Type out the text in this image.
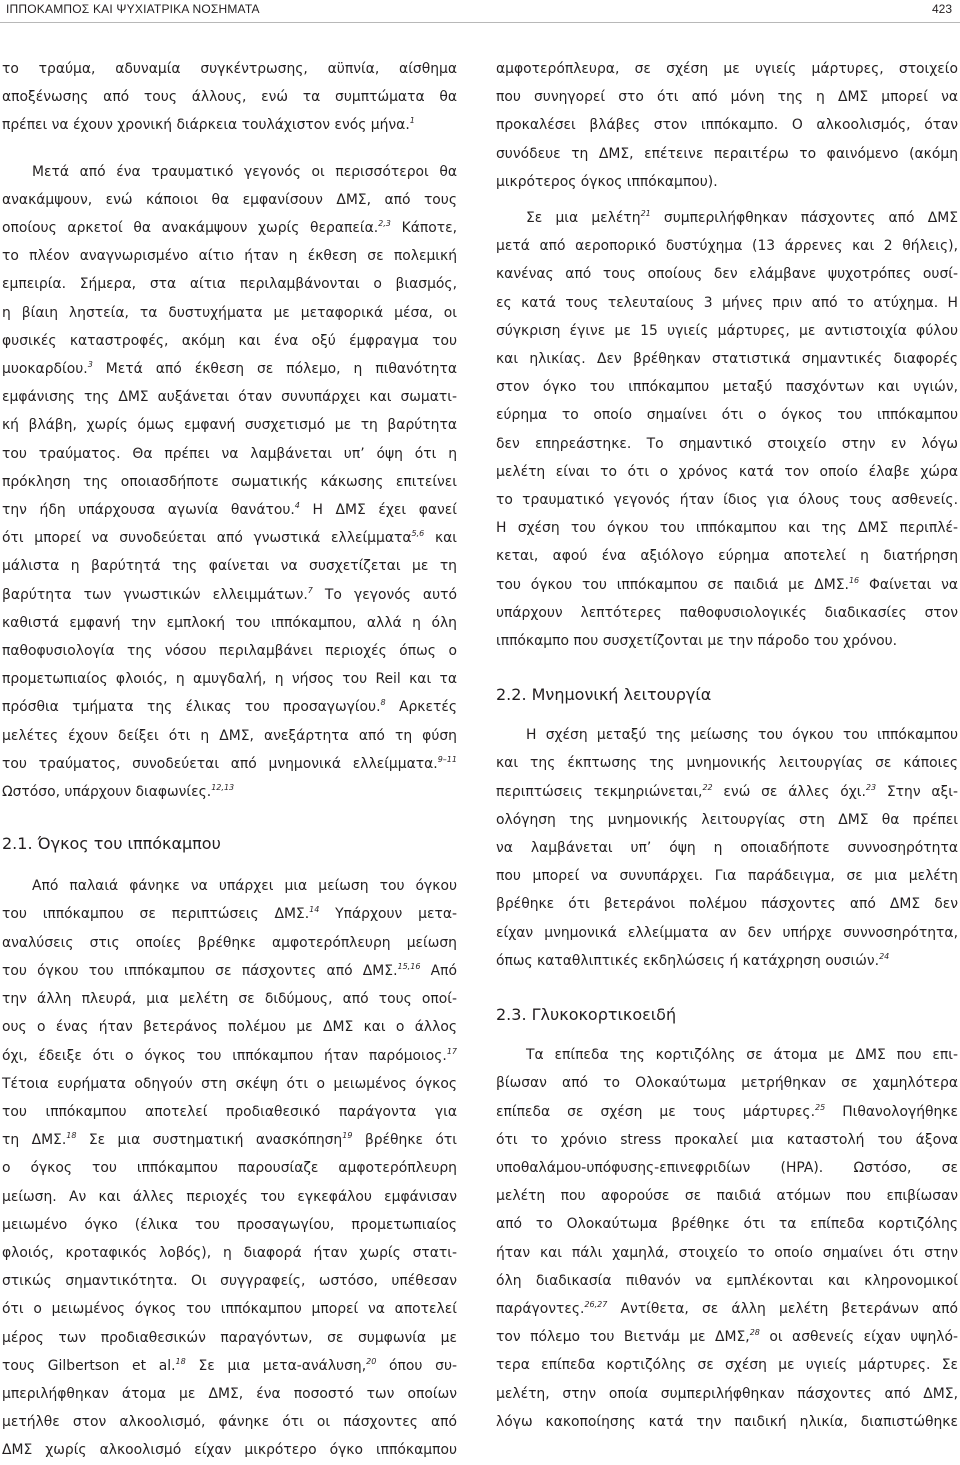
ΙΠΠΟΚΑΜΠΟΣ ΚΑΙ ΨΥΧΙΑΤΡΙΚΑ ΝΟΣΗΜΑΤΑ	423

το τραύμα, αδυναμία συγκέντρωσης, αϋπνία, αίσθημα
αποξένωσης από τους άλλους, ενώ τα συμπτώματα θα
πρέπει να έχουν χρονική διάρκεια τουλάχιστον ενός μήνα.$^1$

Μετά από ένα τραυματικό γεγονός οι περισσότεροι θα
ανακάμψουν, ενώ κάποιοι θα εμφανίσουν ΔΜΣ, από τους
οποίους αρκετοί θα ανακάμψουν χωρίς θεραπεία.$^{2,3}$ Κάποτε,
το πλέον αναγνωρισμένο αίτιο ήταν η έκθεση σε πολεμική
εμπειρία. Σήμερα, στα αίτια περιλαμβάνονται ο βιασμός,
η βίαιη ληστεία, τα δυστυχήματα με μεταφορικά μέσα, οι
φυσικές καταστροφές, ακόμη και ένα οξύ έμφραγμα του
μυοκαρδίου.$^3$ Μετά από έκθεση σε πόλεμο, η πιθανότητα
εμφάνισης της ΔΜΣ αυξάνεται όταν συνυπάρχει και σωματι-
κή βλάβη, χωρίς όμως εμφανή συσχετισμό με τη βαρύτητα
του τραύματος. Θα πρέπει να λαμβάνεται υπ’ όψη ότι η
πρόκληση της οποιασδήποτε σωματικής κάκωσης επιτείνει
την ήδη υπάρχουσα αγωνία θανάτου.$^4$ Η ΔΜΣ έχει φανεί
ότι μπορεί να συνοδεύεται από γνωστικά ελλείμματα$^{5,6}$ και
μάλιστα η βαρύτητά της φαίνεται να συσχετίζεται με τη
βαρύτητα των γνωστικών ελλειμμάτων.$^7$ Το γεγονός αυτό
καθιστά εμφανή την εμπλοκή του ιππόκαμπου, αλλά η όλη
παθοφυσιολογία της νόσου περιλαμβάνει περιοχές όπως ο
προμετωπιαίος φλοιός, η αμυγδαλή, η νήσος του Reil και τα
πρόσθια τμήματα της έλικας του προσαγωγίου.$^8$ Αρκετές
μελέτες έχουν δείξει ότι η ΔΜΣ, ανεξάρτητα από τη φύση
του τραύματος, συνοδεύεται από μνημονικά ελλείμματα.$^{9-11}$
Ωστόσο, υπάρχουν διαφωνίες.$^{12,13}$

2.1. Όγκος του ιππόκαμπου

Από παλαιά φάνηκε να υπάρχει μια μείωση του όγκου
του ιππόκαμπου σε περιπτώσεις ΔΜΣ.$^{14}$ Υπάρχουν μετα-
αναλύσεις στις οποίες βρέθηκε αμφοτερόπλευρη μείωση
του όγκου του ιππόκαμπου σε πάσχοντες από ΔΜΣ.$^{15,16}$ Από
την άλλη πλευρά, μια μελέτη σε διδύμους, από τους οποί-
ους ο ένας ήταν βετεράνος πολέμου με ΔΜΣ και ο άλλος
όχι, έδειξε ότι ο όγκος του ιππόκαμπου ήταν παρόμοιος.$^{17}$
Τέτοια ευρήματα οδηγούν στη σκέψη ότι ο μειωμένος όγκος
του ιππόκαμπου αποτελεί προδιαθεσικό παράγοντα για
τη ΔΜΣ.$^{18}$ Σε μια συστηματική ανασκόπηση$^{19}$ βρέθηκε ότι
ο όγκος του ιππόκαμπου παρουσίαζε αμφοτερόπλευρη
μείωση. Αν και άλλες περιοχές του εγκεφάλου εμφάνισαν
μειωμένο όγκο (έλικα του προσαγωγίου, προμετωπιαίος
φλοιός, κροταφικός λοβός), η διαφορά ήταν χωρίς στατι-
στικώς σημαντικότητα. Οι συγγραφείς, ωστόσο, υπέθεσαν
ότι ο μειωμένος όγκος του ιππόκαμπου μπορεί να αποτελεί
μέρος των προδιαθεσικών παραγόντων, σε συμφωνία με
τους Gilbertson et al.$^{18}$ Σε μια μετα-ανάλυση,$^{20}$ όπου συ-
μπεριλήφθηκαν άτομα με ΔΜΣ, ένα ποσοστό των οποίων
μετήλθε στον αλκοολισμό, φάνηκε ότι οι πάσχοντες από
ΔΜΣ χωρίς αλκοολισμό είχαν μικρότερο όγκο ιππόκαμπου

αμφοτερόπλευρα, σε σχέση με υγιείς μάρτυρες, στοιχείο
που συνηγορεί στο ότι από μόνη της η ΔΜΣ μπορεί να
προκαλέσει βλάβες στον ιππόκαμπο. Ο αλκοολισμός, όταν
συνόδευε τη ΔΜΣ, επέτεινε περαιτέρω το φαινόμενο (ακόμη
μικρότερος όγκος ιππόκαμπου).

Σε μια μελέτη$^{21}$ συμπεριλήφθηκαν πάσχοντες από ΔΜΣ
μετά από αεροπορικό δυστύχημα (13 άρρενες και 2 θήλεις),
κανένας από τους οποίους δεν ελάμβανε ψυχοτρόπες ουσί-
ες κατά τους τελευταίους 3 μήνες πριν από το ατύχημα. Η
σύγκριση έγινε με 15 υγιείς μάρτυρες, με αντιστοιχία φύλου
και ηλικίας. Δεν βρέθηκαν στατιστικά σημαντικές διαφορές
στον όγκο του ιππόκαμπου μεταξύ πασχόντων και υγιών,
εύρημα το οποίο σημαίνει ότι ο όγκος του ιππόκαμπου
δεν επηρεάστηκε. Το σημαντικό στοιχείο στην εν λόγω
μελέτη είναι το ότι ο χρόνος κατά τον οποίο έλαβε χώρα
το τραυματικό γεγονός ήταν ίδιος για όλους τους ασθενείς.
Η σχέση του όγκου του ιππόκαμπου και της ΔΜΣ περιπλέ-
κεται, αφού ένα αξιόλογο εύρημα αποτελεί η διατήρηση
του όγκου του ιππόκαμπου σε παιδιά με ΔΜΣ.$^{16}$ Φαίνεται να
υπάρχουν λεπτότερες παθοφυσιολογικές διαδικασίες στον
ιππόκαμπο που συσχετίζονται με την πάροδο του χρόνου.

2.2. Μνημονική λειτουργία

Η σχέση μεταξύ της μείωσης του όγκου του ιππόκαμπου
και της έκπτωσης της μνημονικής λειτουργίας σε κάποιες
περιπτώσεις τεκμηριώνεται,$^{22}$ ενώ σε άλλες όχι.$^{23}$ Στην αξι-
ολόγηση της μνημονικής λειτουργίας στη ΔΜΣ θα πρέπει
να λαμβάνεται υπ’ όψη η οποιαδήποτε συννοσηρότητα
που μπορεί να συνυπάρχει. Για παράδειγμα, σε μια μελέτη
βρέθηκε ότι βετεράνοι πολέμου πάσχοντες από ΔΜΣ δεν
είχαν μνημονικά ελλείμματα αν δεν υπήρχε συννοσηρότητα,
όπως καταθλιπτικές εκδηλώσεις ή κατάχρηση ουσιών.$^{24}$

2.3. Γλυκοκορτικοειδή

Τα επίπεδα της κορτιζόλης σε άτομα με ΔΜΣ που επι-
βίωσαν από το Ολοκαύτωμα μετρήθηκαν σε χαμηλότερα
επίπεδα σε σχέση με τους μάρτυρες.$^{25}$ Πιθανολογήθηκε
ότι το χρόνιο stress προκαλεί μια καταστολή του άξονα
υποθαλάμου-υπόφυσης-επινεφριδίων (HPA). Ωστόσο, σε
μελέτη που αφορούσε σε παιδιά ατόμων που επιβίωσαν
από το Ολοκαύτωμα βρέθηκε ότι τα επίπεδα κορτιζόλης
ήταν και πάλι χαμηλά, στοιχείο το οποίο σημαίνει ότι στην
όλη διαδικασία πιθανόν να εμπλέκονται και κληρονομικοί
παράγοντες.$^{26,27}$ Αντίθετα, σε άλλη μελέτη βετεράνων από
τον πόλεμο του Βιετνάμ με ΔΜΣ,$^{28}$ οι ασθενείς είχαν υψηλό-
τερα επίπεδα κορτιζόλης σε σχέση με υγιείς μάρτυρες. Σε
μελέτη, στην οποία συμπεριλήφθηκαν πάσχοντες από ΔΜΣ,
λόγω κακοποίησης κατά την παιδική ηλικία, διαπιστώθηκε
